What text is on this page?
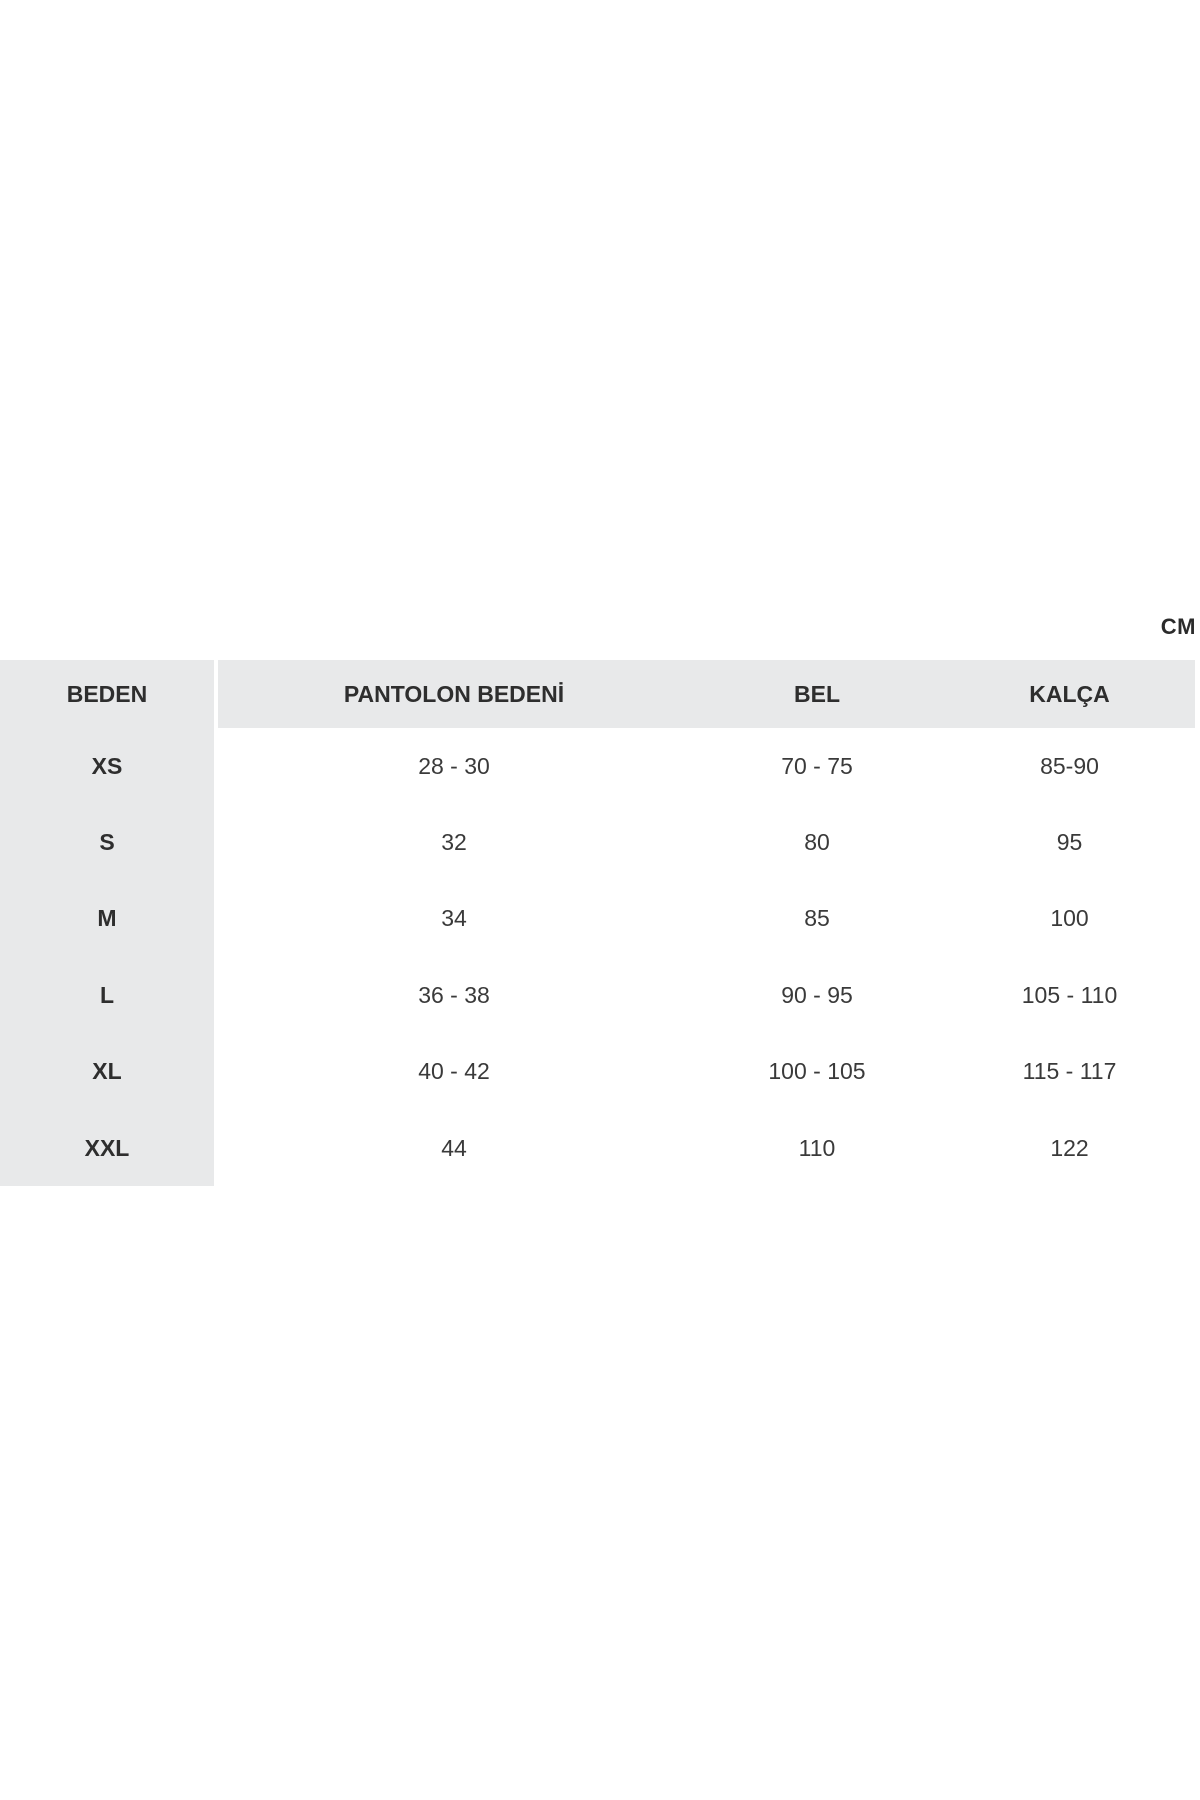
CM
BEDEN	PANTOLON BEDENİ	BEL	KALÇA
XS	28 - 30	70 - 75	85-90
S	32	80	95
M	34	85	100
L	36 - 38	90 - 95	105 - 110
XL	40 - 42	100 - 105	115 - 117
XXL	44	110	122
